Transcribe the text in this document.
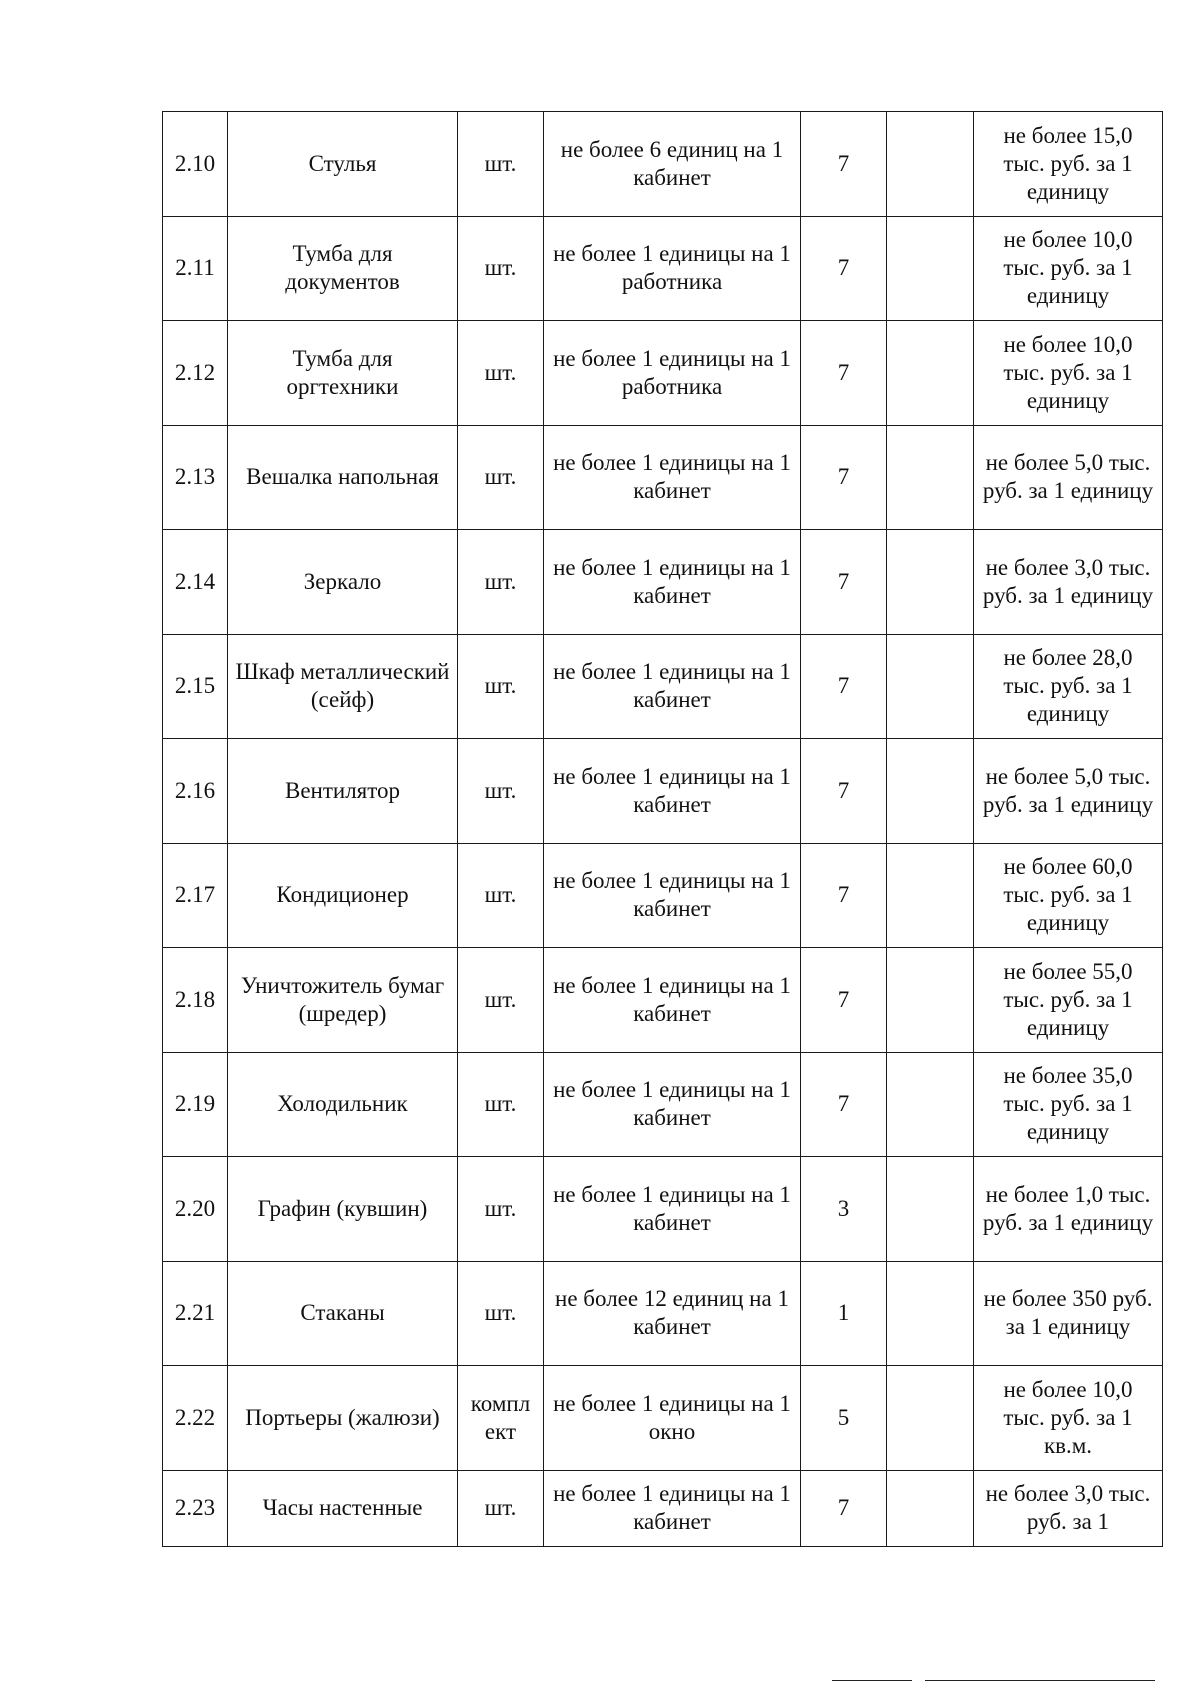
2.10	Стулья	шт.	не более 6 единиц на 1 кабинет	7		не более 15,0 тыс. руб. за 1 единицу
2.11	Тумба для документов	шт.	не более 1 единицы на 1 работника	7		не более 10,0 тыс. руб. за 1 единицу
2.12	Тумба для оргтехники	шт.	не более 1 единицы на 1 работника	7		не более 10,0 тыс. руб. за 1 единицу
2.13	Вешалка напольная	шт.	не более 1 единицы на 1 кабинет	7		не более 5,0 тыс. руб. за 1 единицу
2.14	Зеркало	шт.	не более 1 единицы на 1 кабинет	7		не более 3,0 тыс. руб. за 1 единицу
2.15	Шкаф металлический (сейф)	шт.	не более 1 единицы на 1 кабинет	7		не более 28,0 тыс. руб. за 1 единицу
2.16	Вентилятор	шт.	не более 1 единицы на 1 кабинет	7		не более 5,0 тыс. руб. за 1 единицу
2.17	Кондиционер	шт.	не более 1 единицы на 1 кабинет	7		не более 60,0 тыс. руб. за 1 единицу
2.18	Уничтожитель бумаг (шредер)	шт.	не более 1 единицы на 1 кабинет	7		не более 55,0 тыс. руб. за 1 единицу
2.19	Холодильник	шт.	не более 1 единицы на 1 кабинет	7		не более 35,0 тыс. руб. за 1 единицу
2.20	Графин (кувшин)	шт.	не более 1 единицы на 1 кабинет	3		не более 1,0 тыс. руб. за 1 единицу
2.21	Стаканы	шт.	не более 12 единиц на 1 кабинет	1		не более 350 руб. за 1 единицу
2.22	Портьеры (жалюзи)	компл ект	не более 1 единицы на 1 окно	5		не более 10,0 тыс. руб. за 1 кв.м.
2.23	Часы настенные	шт.	не более 1 единицы на 1 кабинет	7		не более 3,0 тыс. руб. за 1
